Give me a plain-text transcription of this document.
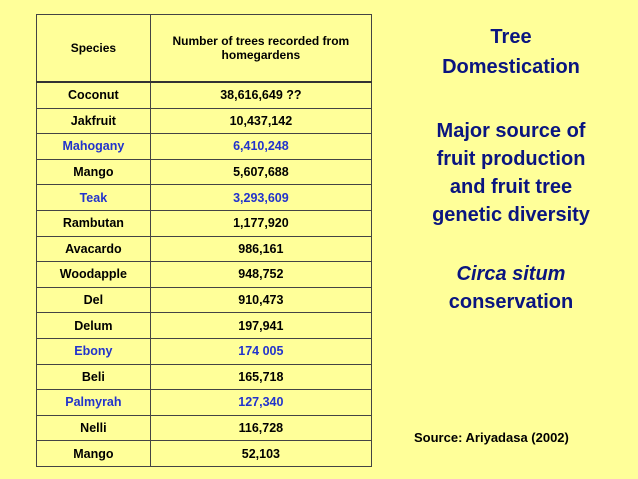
Species	Number of trees recorded from homegardens
Coconut	38,616,649 ??
Jakfruit	10,437,142
Mahogany	6,410,248
Mango	5,607,688
Teak	3,293,609
Rambutan	1,177,920
Avacardo	986,161
Woodapple	948,752
Del	910,473
Delum	197,941
Ebony	174 005
Beli	165,718
Palmyrah	127,340
Nelli	116,728
Mango	52,103
Tree
Domestication
Major source of
fruit production
and fruit tree
genetic diversity
Circa situm
conservation
Source: Ariyadasa (2002)
